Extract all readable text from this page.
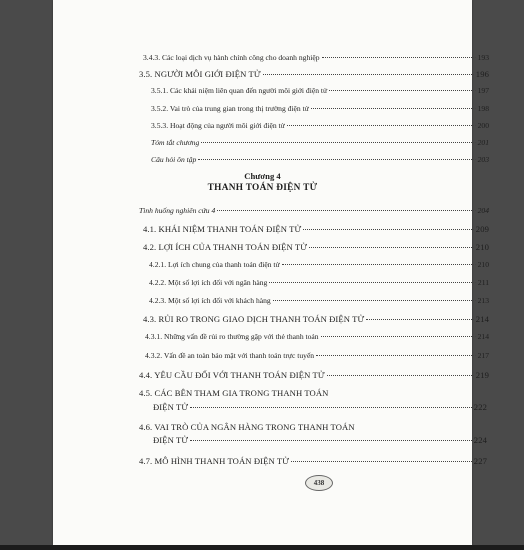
3.4.3. Các loại dịch vụ hành chính công cho doanh nghiệp	193
3.5. NGƯỜI MÔI GIỚI ĐIỆN TỬ	196
3.5.1. Các khái niệm liên quan đến người môi giới điện tử	197
3.5.2. Vai trò của trung gian trong thị trường điện tử	198
3.5.3. Hoạt động của người môi giới điện tử	200
Tóm tắt chương	201
Câu hỏi ôn tập	203
Chương 4
THANH TOÁN ĐIỆN TỬ
Tình huống nghiên cứu 4	204
4.1. KHÁI NIỆM THANH TOÁN ĐIỆN TỬ	209
4.2. LỢI ÍCH CỦA THANH TOÁN ĐIỆN TỬ	210
4.2.1. Lợi ích chung của thanh toán điện tử	210
4.2.2. Một số lợi ích đối với ngân hàng	211
4.2.3. Một số lợi ích đối với khách hàng	213
4.3. RỦI RO TRONG GIAO DỊCH THANH TOÁN ĐIỆN TỬ	214
4.3.1. Những vấn đề rủi ro thường gặp với thẻ thanh toán	214
4.3.2. Vấn đề an toàn bảo mật với thanh toán trực tuyến	217
4.4. YÊU CẦU ĐỐI VỚI THANH TOÁN ĐIỆN TỬ	219
4.5. CÁC BÊN THAM GIA TRONG THANH TOÁN
ĐIỆN TỬ	222
4.6. VAI TRÒ CỦA NGÂN HÀNG TRONG THANH TOÁN
ĐIỆN TỬ	224
4.7. MÔ HÌNH THANH TOÁN ĐIỆN TỬ	227
438
